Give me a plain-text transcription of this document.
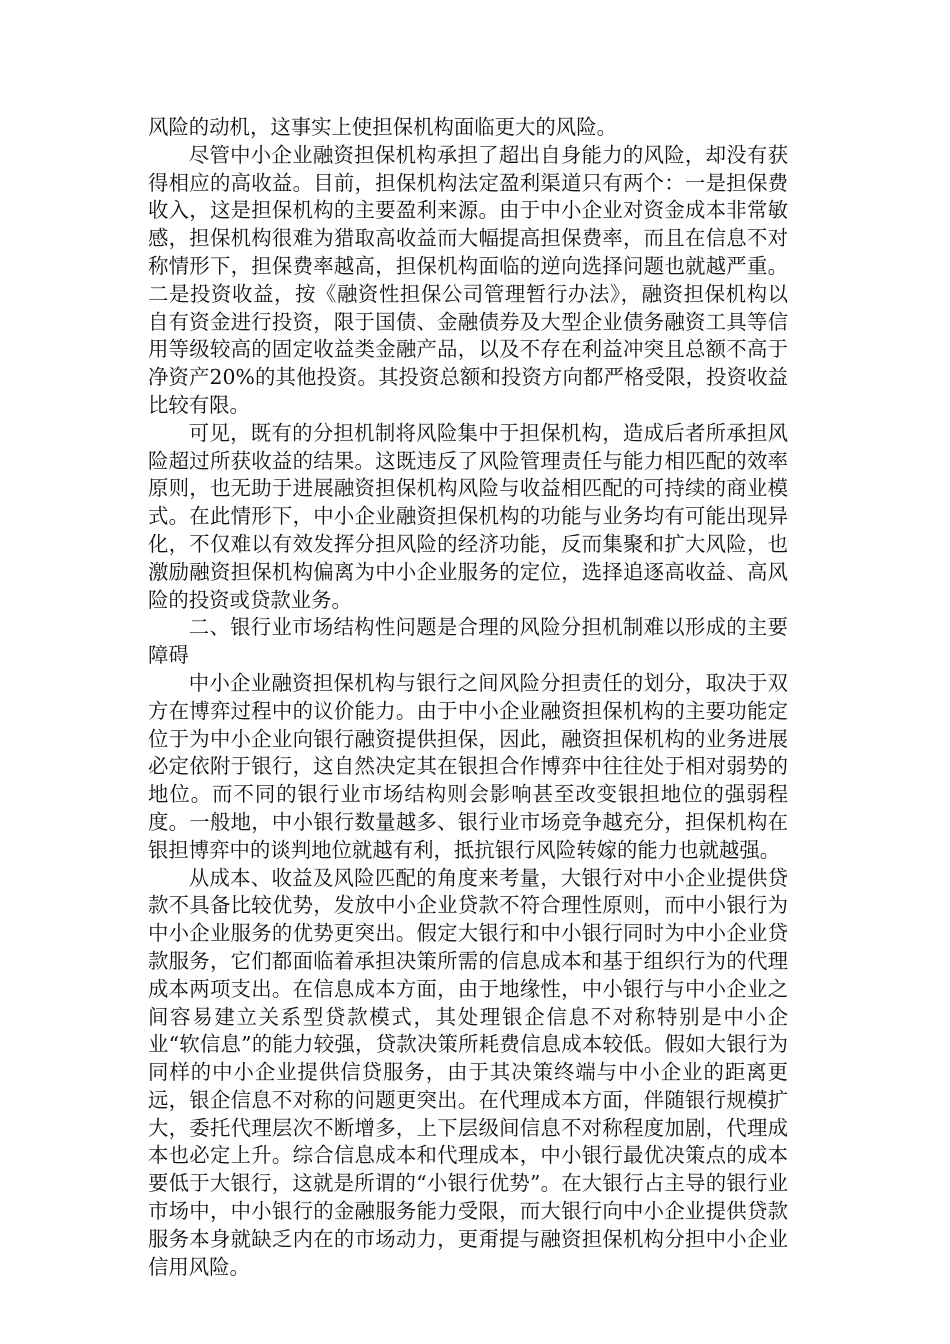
风险的动机，这事实上使担保机构面临更大的风险。

尽管中小企业融资担保机构承担了超出自身能力的风险，却没有获得相应的高收益。目前，担保机构法定盈利渠道只有两个：一是担保费收入，这是担保机构的主要盈利来源。由于中小企业对资金成本非常敏感，担保机构很难为猎取高收益而大幅提高担保费率，而且在信息不对称情形下，担保费率越高，担保机构面临的逆向选择问题也就越严重。二是投资收益，按《融资性担保公司管理暂行办法》，融资担保机构以自有资金进行投资，限于国债、金融债券及大型企业债务融资工具等信用等级较高的固定收益类金融产品，以及不存在利益冲突且总额不高于净资产20%的其他投资。其投资总额和投资方向都严格受限，投资收益比较有限。

可见，既有的分担机制将风险集中于担保机构，造成后者所承担风险超过所获收益的结果。这既违反了风险管理责任与能力相匹配的效率原则，也无助于进展融资担保机构风险与收益相匹配的可持续的商业模式。在此情形下，中小企业融资担保机构的功能与业务均有可能出现异化，不仅难以有效发挥分担风险的经济功能，反而集聚和扩大风险，也激励融资担保机构偏离为中小企业服务的定位，选择追逐高收益、高风险的投资或贷款业务。

二、银行业市场结构性问题是合理的风险分担机制难以形成的主要障碍

中小企业融资担保机构与银行之间风险分担责任的划分，取决于双方在博弈过程中的议价能力。由于中小企业融资担保机构的主要功能定位于为中小企业向银行融资提供担保，因此，融资担保机构的业务进展必定依附于银行，这自然决定其在银担合作博弈中往往处于相对弱势的地位。而不同的银行业市场结构则会影响甚至改变银担地位的强弱程度。一般地，中小银行数量越多、银行业市场竞争越充分，担保机构在银担博弈中的谈判地位就越有利，抵抗银行风险转嫁的能力也就越强。

从成本、收益及风险匹配的角度来考量，大银行对中小企业提供贷款不具备比较优势，发放中小企业贷款不符合理性原则，而中小银行为中小企业服务的优势更突出。假定大银行和中小银行同时为中小企业贷款服务，它们都面临着承担决策所需的信息成本和基于组织行为的代理成本两项支出。在信息成本方面，由于地缘性，中小银行与中小企业之间容易建立关系型贷款模式，其处理银企信息不对称特别是中小企业“软信息”的能力较强，贷款决策所耗费信息成本较低。假如大银行为同样的中小企业提供信贷服务，由于其决策终端与中小企业的距离更远，银企信息不对称的问题更突出。在代理成本方面，伴随银行规模扩大，委托代理层次不断增多，上下层级间信息不对称程度加剧，代理成本也必定上升。综合信息成本和代理成本，中小银行最优决策点的成本要低于大银行，这就是所谓的“小银行优势”。在大银行占主导的银行业市场中，中小银行的金融服务能力受限，而大银行向中小企业提供贷款服务本身就缺乏内在的市场动力，更甭提与融资担保机构分担中小企业信用风险。
